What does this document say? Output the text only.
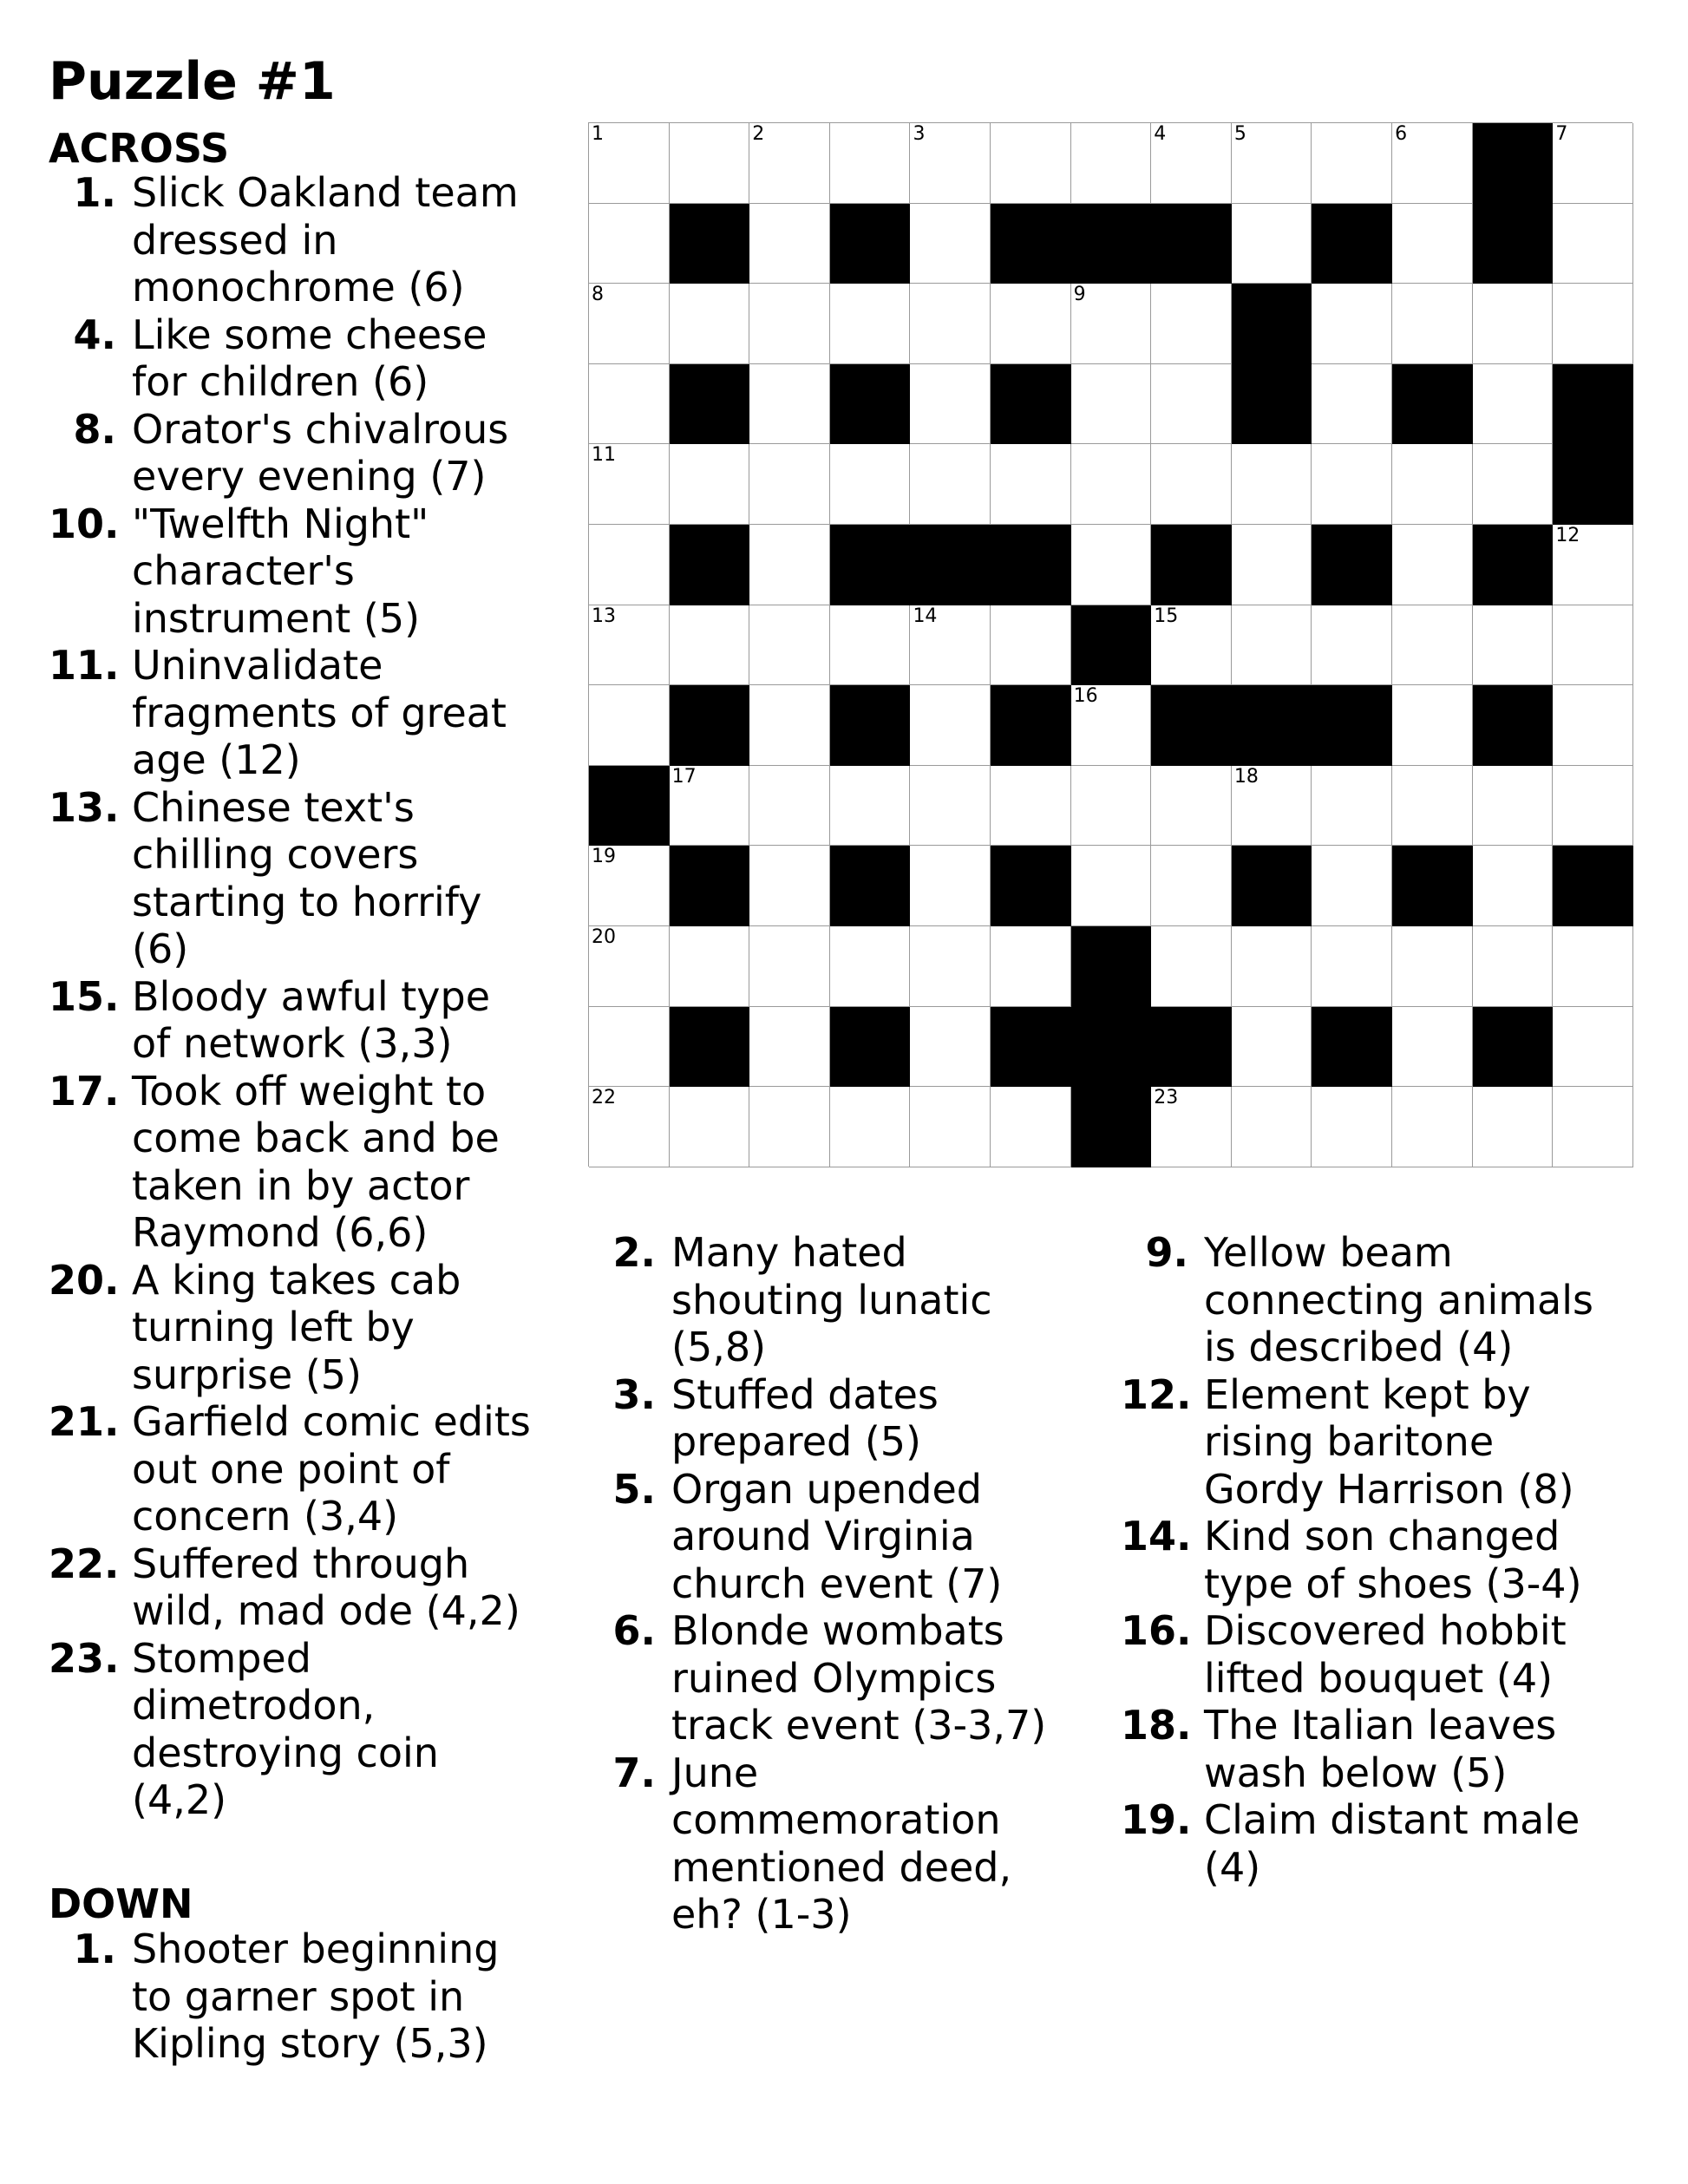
Puzzle #1
ACROSS
1. Slick Oakland team
dressed in
monochrome (6)
4. Like some cheese
for children (6)
8. Orator's chivalrous
every evening (7)
10. "Twelfth Night"
character's
instrument (5)
11. Uninvalidate
fragments of great
age (12)
13. Chinese text's
chilling covers
starting to horrify
(6)
15. Bloody awful type
of network (3,3)
17. Took off weight to
come back and be
taken in by actor
Raymond (6,6)
20. A king takes cab
turning left by
surprise (5)
21. Garfield comic edits
out one point of
concern (3,4)
22. Suffered through
wild, mad ode (4,2)
23. Stomped
dimetrodon,
destroying coin
(4,2)
DOWN
1. Shooter beginning
to garner spot in
Kipling story (5,3)
2. Many hated
shouting lunatic
(5,8)
3. Stuffed dates
prepared (5)
5. Organ upended
around Virginia
church event (7)
6. Blonde wombats
ruined Olympics
track event (3-3,7)
7. June
commemoration
mentioned deed,
eh? (1-3)
9. Yellow beam
connecting animals
is described (4)
12. Element kept by
rising baritone
Gordy Harrison (8)
14. Kind son changed
type of shoes (3-4)
16. Discovered hobbit
lifted bouquet (4)
18. The Italian leaves
wash below (5)
19. Claim distant male
(4)
1	2	3	4	5	6	7
8	9	10
11
12
13	14	15
16
17	18
19
20	21
22	23
